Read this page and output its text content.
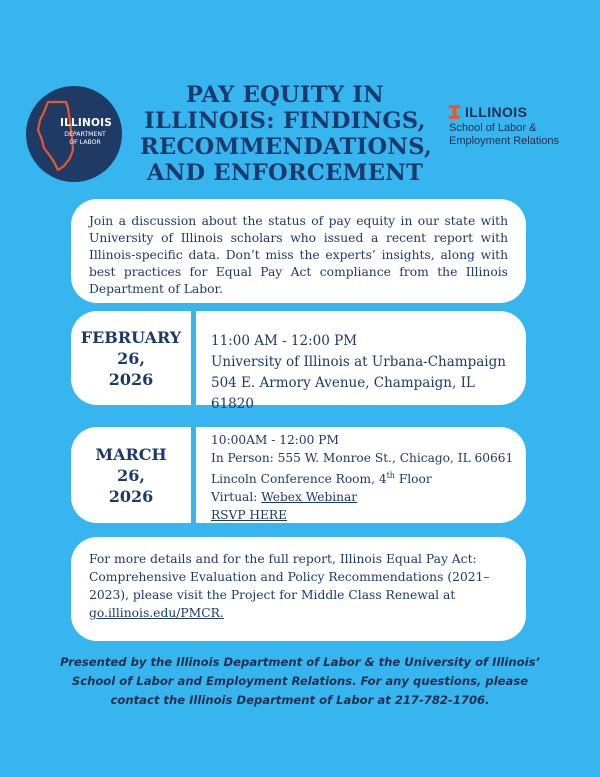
ILLINOIS
DEPARTMENT
OF LABOR
PAY EQUITY IN
ILLINOIS: FINDINGS,
RECOMMENDATIONS,
AND ENFORCEMENT
ILLINOIS
School of Labor &
Employment Relations
Join a discussion about the status of pay equity in our state with University of Illinois scholars who issued a recent report with Illinois-specific data. Don’t miss the experts’ insights, along with best practices for Equal Pay Act compliance from the Illinois Department of Labor.
FEBRUARY
26,
2026
11:00 AM - 12:00 PM
University of Illinois at Urbana-Champaign
504 E. Armory Avenue, Champaign, IL 61820
MARCH
26,
2026
10:00AM - 12:00 PM
In Person: 555 W. Monroe St., Chicago, IL 60661
Lincoln Conference Room, 4th Floor
Virtual: Webex Webinar
RSVP HERE
For more details and for the full report, Illinois Equal Pay Act:
Comprehensive Evaluation and Policy Recommendations (2021–
2023), please visit the Project for Middle Class Renewal at
go.illinois.edu/PMCR.

Presented by the Illinois Department of Labor & the University of Illinois’
School of Labor and Employment Relations. For any questions, please
contact the Illinois Department of Labor at 217-782-1706.
